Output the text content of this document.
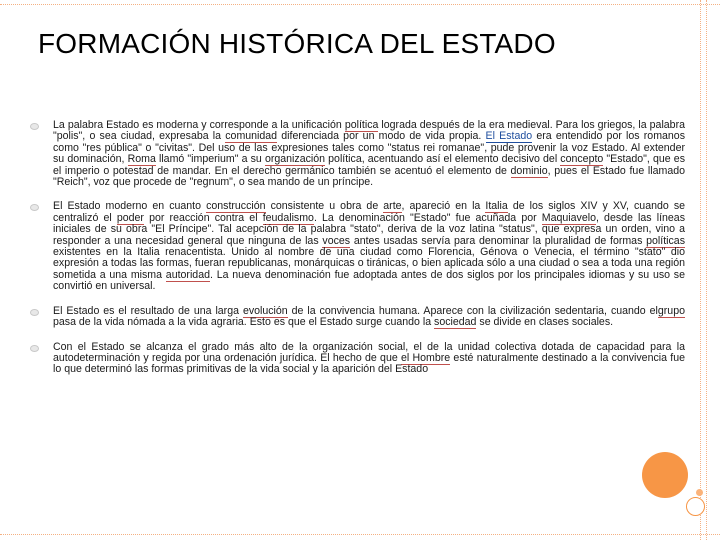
FORMACIÓN HISTÓRICA DEL ESTADO
La palabra Estado es moderna y corresponde a la unificación política lograda después de la era medieval. Para los griegos, la palabra "polis", o sea ciudad, expresaba la comunidad diferenciada por un modo de vida propia. El Estado era entendido por los romanos como "res pública" o "civitas". Del uso de las expresiones tales como "status rei romanae", pude provenir la voz Estado. Al extender su dominación, Roma llamó "imperium" a su organización política, acentuando así el elemento decisivo del concepto "Estado", que es el imperio o potestad de mandar. En el derecho germánico también se acentuó el elemento de dominio, pues el Estado fue llamado "Reich", voz que procede de "regnum", o sea mando de un príncipe.
El Estado moderno en cuanto construcción consistente u obra de arte, apareció en la Italia de los siglos XIV y XV, cuando se centralizó el poder por reacción contra el feudalismo. La denominación "Estado" fue acuñada por Maquiavelo, desde las líneas iniciales de su obra "El Príncipe". Tal acepción de la palabra "stato", deriva de la voz latina "status", que expresa un orden, vino a responder a una necesidad general que ninguna de las voces antes usadas servía para denominar la pluralidad de formas políticas existentes en la Italia renacentista. Unido al nombre de una ciudad como Florencia, Génova o Venecia, el término "stato" dio expresión a todas las formas, fueran republicanas, monárquicas o tiránicas, o bien aplicada sólo a una ciudad o sea a toda una región sometida a una misma autoridad. La nueva denominación fue adoptada antes de dos siglos por los principales idiomas y su uso se convirtió en universal.
El Estado es el resultado de una larga evolución de la convivencia humana. Aparece con la civilización sedentaria, cuando elgrupo pasa de la vida nómada a la vida agraria. Esto es que el Estado surge cuando la sociedad se divide en clases sociales.
Con el Estado se alcanza el grado más alto de la organización social, el de la unidad colectiva dotada de capacidad para la autodeterminación y regida por una ordenación jurídica. El hecho de que el Hombre esté naturalmente destinado a la convivencia fue lo que determinó las formas primitivas de la vida social y la aparición del Estado
